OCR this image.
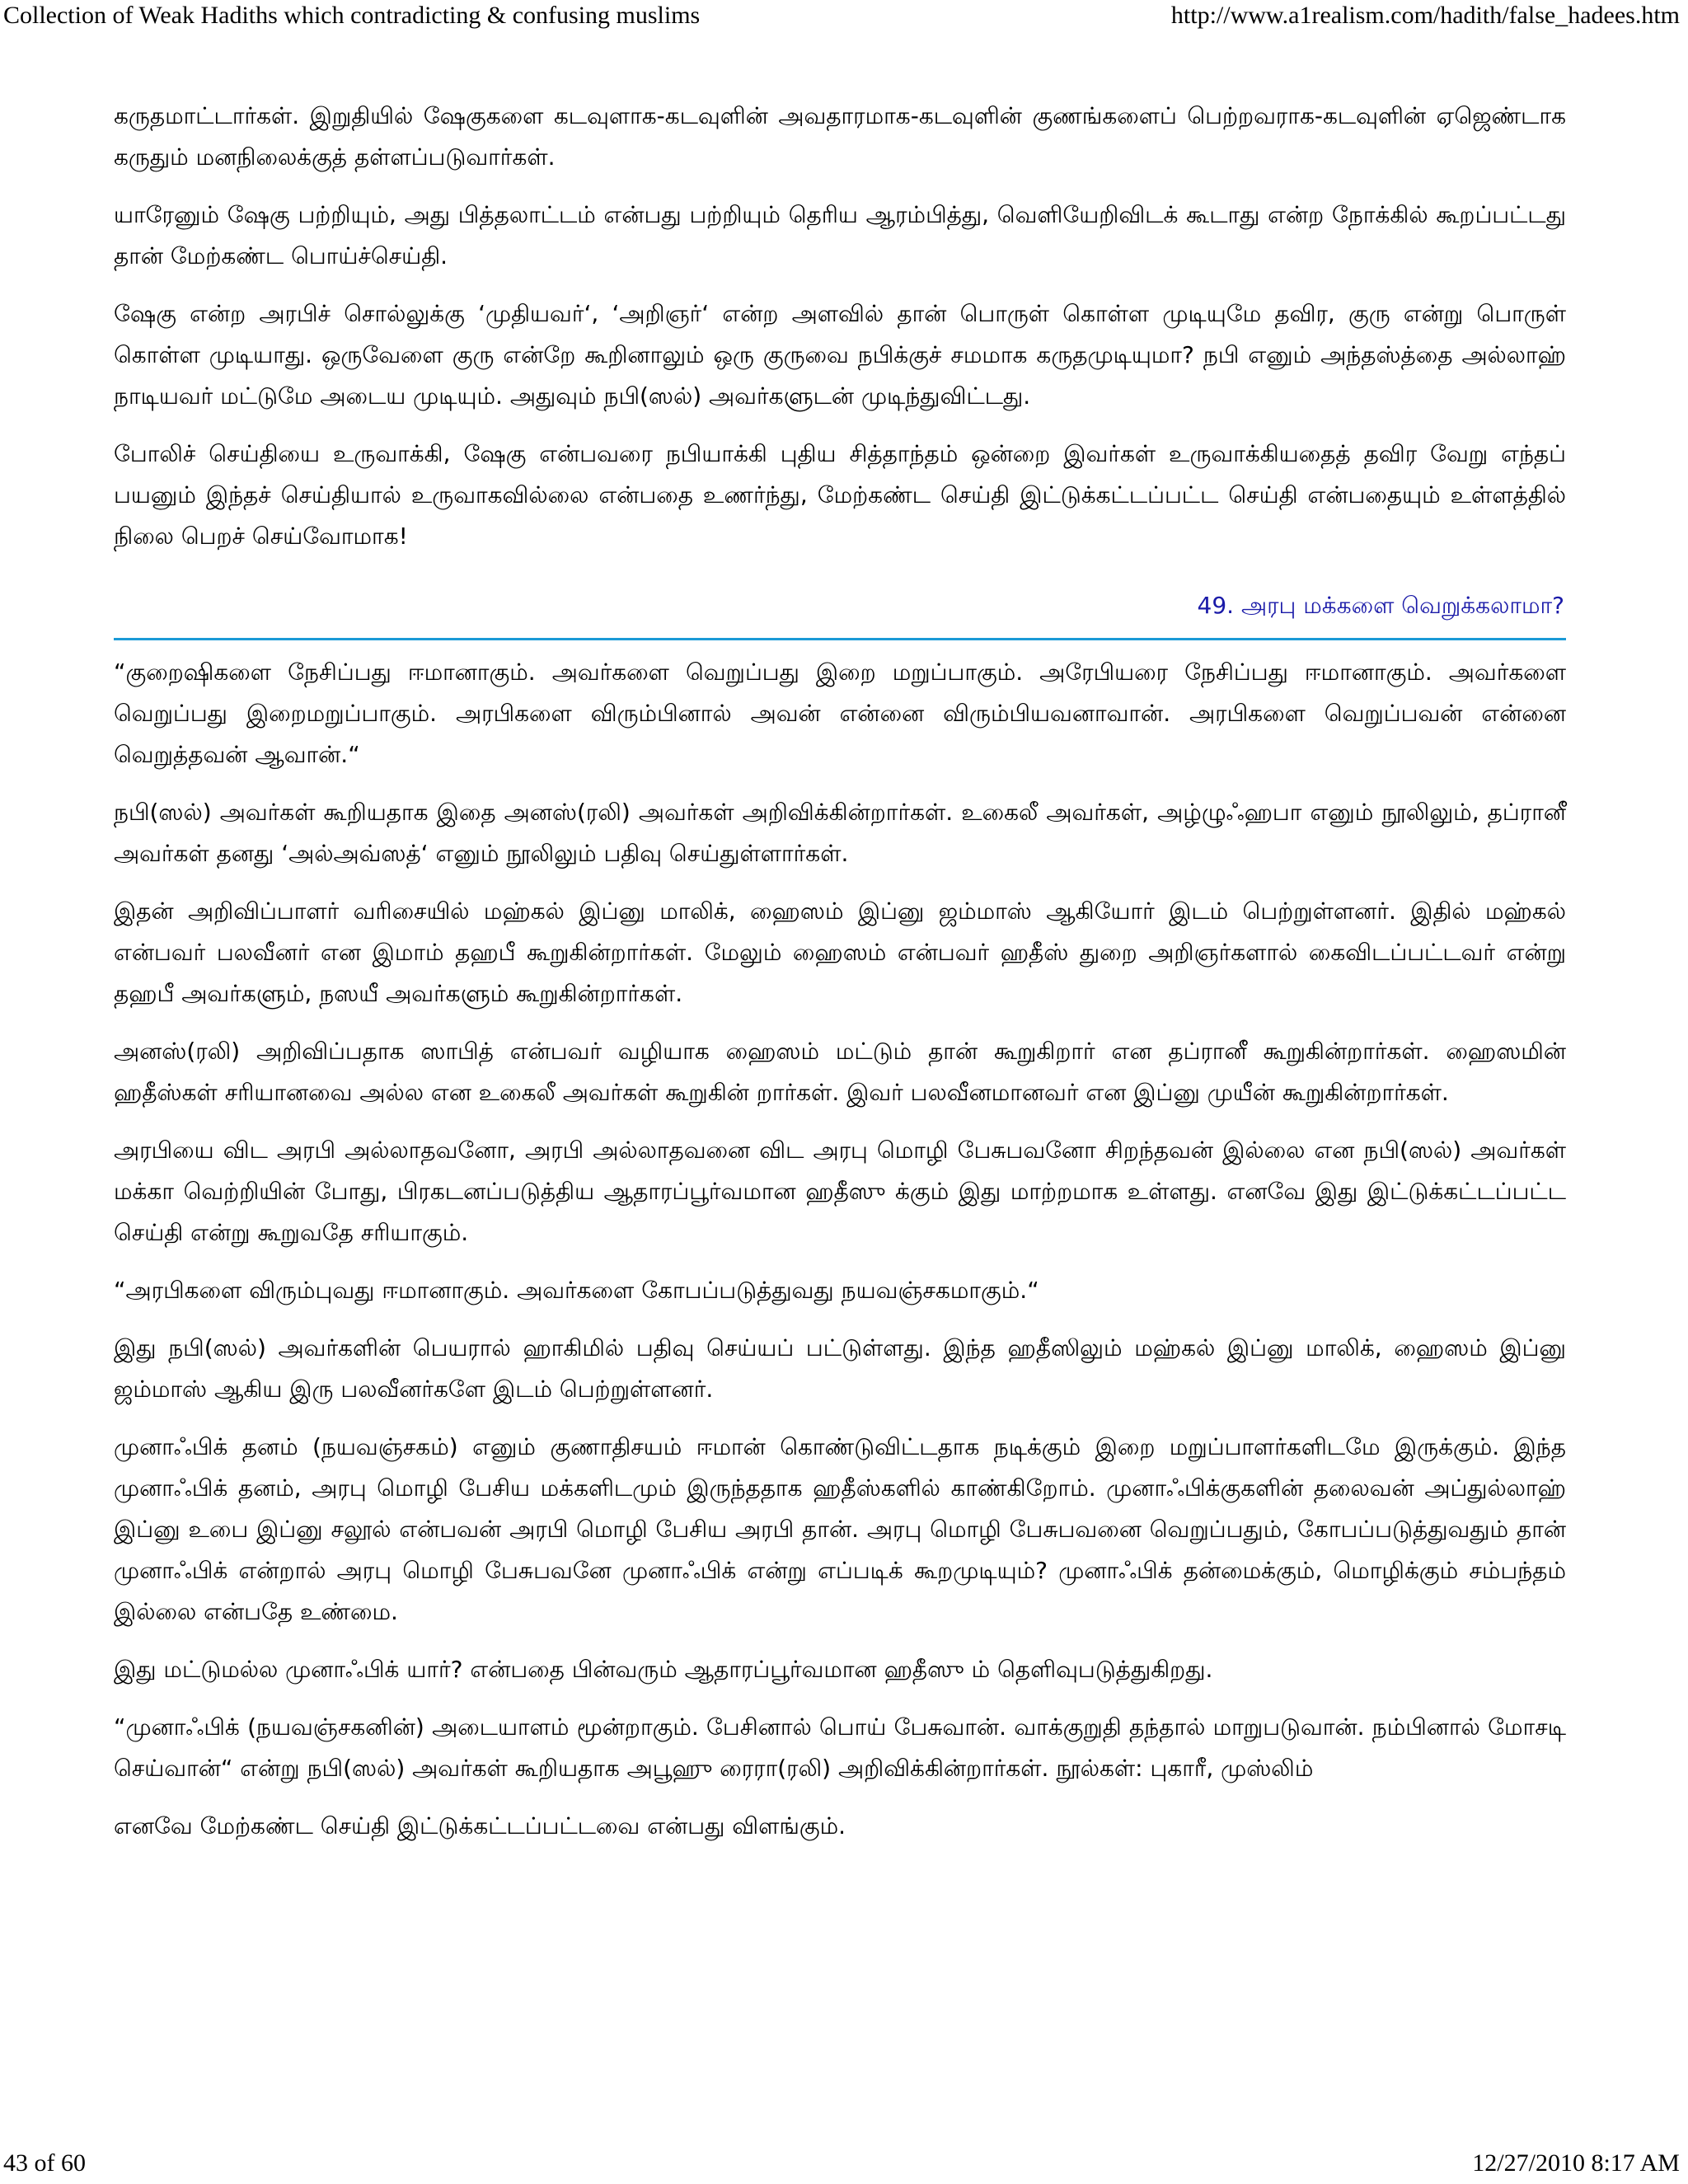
Collection of Weak Hadiths which contradicting & confusing muslims	http://www.a1realism.com/hadith/false_hadees.htm

கருதமாட்டார்கள். இறுதியில் ஷேகுகளை கடவுளாக-கடவுளின் அவதாரமாக-கடவுளின் குணங்களைப் பெற்றவராக-கடவுளின் ஏஜெண்டாக கருதும் மனநிலைக்குத் தள்ளப்படுவார்கள்.

யாரேனும் ஷேகு பற்றியும், அது பித்தலாட்டம் என்பது பற்றியும் தெரிய ஆரம்பித்து, வெளியேறிவிடக் கூடாது என்ற நோக்கில் கூறப்பட்டது தான் மேற்கண்ட பொய்ச்செய்தி.

ஷேகு என்ற அரபிச் சொல்லுக்கு ‘முதியவர்‘, ‘அறிஞர்‘ என்ற அளவில் தான் பொருள் கொள்ள முடியுமே தவிர, குரு என்று பொருள் கொள்ள முடியாது. ஒருவேளை குரு என்றே கூறினாலும் ஒரு குருவை நபிக்குச் சமமாக கருதமுடியுமா? நபி எனும் அந்தஸ்த்தை அல்லாஹ் நாடியவர் மட்டுமே அடைய முடியும். அதுவும் நபி(ஸல்) அவர்களுடன் முடிந்துவிட்டது.

போலிச் செய்தியை உருவாக்கி, ஷேகு என்பவரை நபியாக்கி புதிய சித்தாந்தம் ஒன்றை இவர்கள் உருவாக்கியதைத் தவிர வேறு எந்தப் பயனும் இந்தச் செய்தியால் உருவாகவில்லை என்பதை உணர்ந்து, மேற்கண்ட செய்தி இட்டுக்கட்டப்பட்ட செய்தி என்பதையும் உள்ளத்தில் நிலை பெறச் செய்வோமாக!

49. அரபு மக்களை வெறுக்கலாமா?

“குறைஷிகளை நேசிப்பது ஈமானாகும். அவர்களை வெறுப்பது இறை மறுப்பாகும். அரேபியரை நேசிப்பது ஈமானாகும். அவர்களை வெறுப்பது இறைமறுப்பாகும். அரபிகளை விரும்பினால் அவன் என்னை விரும்பியவனாவான். அரபிகளை வெறுப்பவன் என்னை வெறுத்தவன் ஆவான்.“

நபி(ஸல்) அவர்கள் கூறியதாக இதை அனஸ்(ரலி) அவர்கள் அறிவிக்கின்றார்கள். உகைலீ அவர்கள், அழ்ழுஃஹபா எனும் நூலிலும், தப்ரானீ அவர்கள் தனது ‘அல்அவ்ஸத்‘ எனும் நூலிலும் பதிவு செய்துள்ளார்கள்.

இதன் அறிவிப்பாளர் வரிசையில் மஹ்கல் இப்னு மாலிக், ஹைஸம் இப்னு ஜம்மாஸ் ஆகியோர் இடம் பெற்றுள்ளனர். இதில் மஹ்கல் என்பவர் பலவீனர் என இமாம் தஹபீ கூறுகின்றார்கள். மேலும் ஹைஸம் என்பவர் ஹதீஸ் துறை அறிஞர்களால் கைவிடப்பட்டவர் என்று தஹபீ அவர்களும், நஸயீ அவர்களும் கூறுகின்றார்கள்.

அனஸ்(ரலி) அறிவிப்பதாக ஸாபித் என்பவர் வழியாக ஹைஸம் மட்டும் தான் கூறுகிறார் என தப்ரானீ கூறுகின்றார்கள். ஹைஸமின் ஹதீஸ்கள் சரியானவை அல்ல என உகைலீ அவர்கள் கூறுகின் றார்கள். இவர் பலவீனமானவர் என இப்னு முயீன் கூறுகின்றார்கள்.

அரபியை விட அரபி அல்லாதவனோ, அரபி அல்லாதவனை விட அரபு மொழி பேசுபவனோ சிறந்தவன் இல்லை என நபி(ஸல்) அவர்கள் மக்கா வெற்றியின் போது, பிரகடனப்படுத்திய ஆதாரப்பூர்வமான ஹதீஸு க்கும் இது மாற்றமாக உள்ளது. எனவே இது இட்டுக்கட்டப்பட்ட செய்தி என்று கூறுவதே சரியாகும்.

“அரபிகளை விரும்புவது ஈமானாகும். அவர்களை கோபப்படுத்துவது நயவஞ்சகமாகும்.“

இது நபி(ஸல்) அவர்களின் பெயரால் ஹாகிமில் பதிவு செய்யப் பட்டுள்ளது. இந்த ஹதீஸிலும் மஹ்கல் இப்னு மாலிக், ஹைஸம் இப்னு ஜம்மாஸ் ஆகிய இரு பலவீனர்களே இடம் பெற்றுள்ளனர்.

முனாஃபிக் தனம் (நயவஞ்சகம்) எனும் குணாதிசயம் ஈமான் கொண்டுவிட்டதாக நடிக்கும் இறை மறுப்பாளர்களிடமே இருக்கும். இந்த முனாஃபிக் தனம், அரபு மொழி பேசிய மக்களிடமும் இருந்ததாக ஹதீஸ்களில் காண்கிறோம். முனாஃபிக்குகளின் தலைவன் அப்துல்லாஹ் இப்னு உபை இப்னு சலூல் என்பவன் அரபி மொழி பேசிய அரபி தான். அரபு மொழி பேசுபவனை வெறுப்பதும், கோபப்படுத்துவதும் தான் முனாஃபிக் என்றால் அரபு மொழி பேசுபவனே முனாஃபிக் என்று எப்படிக் கூறமுடியும்? முனாஃபிக் தன்மைக்கும், மொழிக்கும் சம்பந்தம் இல்லை என்பதே உண்மை.

இது மட்டுமல்ல முனாஃபிக் யார்? என்பதை பின்வரும் ஆதாரப்பூர்வமான ஹதீஸு ம் தெளிவுபடுத்துகிறது.

“முனாஃபிக் (நயவஞ்சகனின்) அடையாளம் மூன்றாகும். பேசினால் பொய் பேசுவான். வாக்குறுதி தந்தால் மாறுபடுவான். நம்பினால் மோசடி செய்வான்“ என்று நபி(ஸல்) அவர்கள் கூறியதாக அபூஹு ரைரா(ரலி) அறிவிக்கின்றார்கள். நூல்கள்: புகாரீ, முஸ்லிம்

எனவே மேற்கண்ட செய்தி இட்டுக்கட்டப்பட்டவை என்பது விளங்கும்.

43 of 60	12/27/2010 8:17 AM
